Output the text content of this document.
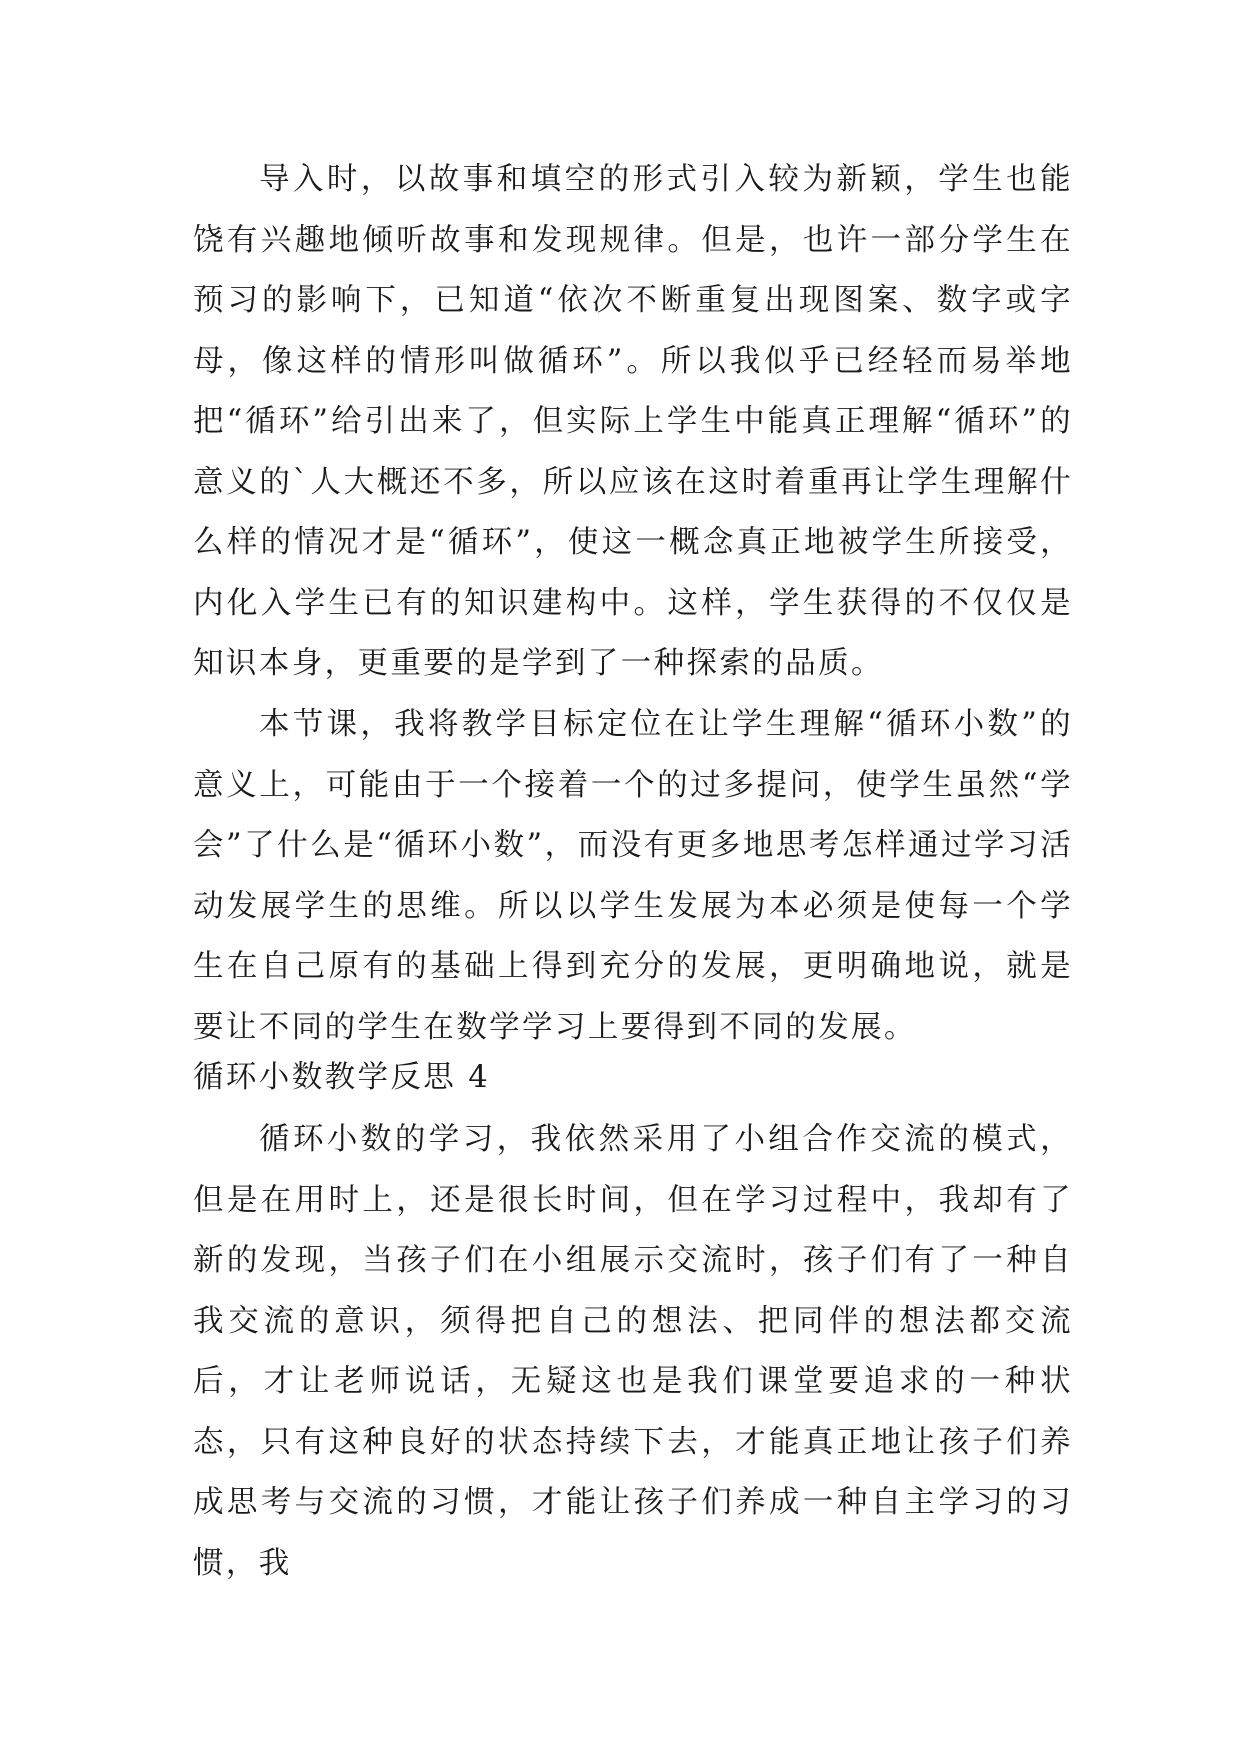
导入时，以故事和填空的形式引入较为新颖，学生也能饶有兴趣地倾听故事和发现规律。但是，也许一部分学生在预习的影响下，已知道“依次不断重复出现图案、数字或字母，像这样的情形叫做循环”。所以我似乎已经轻而易举地把“循环”给引出来了，但实际上学生中能真正理解“循环”的意义的`人大概还不多，所以应该在这时着重再让学生理解什么样的情况才是“循环”，使这一概念真正地被学生所接受，内化入学生已有的知识建构中。这样，学生获得的不仅仅是知识本身，更重要的是学到了一种探索的品质。

本节课，我将教学目标定位在让学生理解“循环小数”的意义上，可能由于一个接着一个的过多提问，使学生虽然“学会”了什么是“循环小数”，而没有更多地思考怎样通过学习活动发展学生的思维。所以以学生发展为本必须是使每一个学生在自己原有的基础上得到充分的发展，更明确地说，就是要让不同的学生在数学学习上要得到不同的发展。

循环小数教学反思 4

循环小数的学习，我依然采用了小组合作交流的模式，但是在用时上，还是很长时间，但在学习过程中，我却有了新的发现，当孩子们在小组展示交流时，孩子们有了一种自我交流的意识，须得把自己的想法、把同伴的想法都交流后，才让老师说话，无疑这也是我们课堂要追求的一种状态，只有这种良好的状态持续下去，才能真正地让孩子们养成思考与交流的习惯，才能让孩子们养成一种自主学习的习惯，我
